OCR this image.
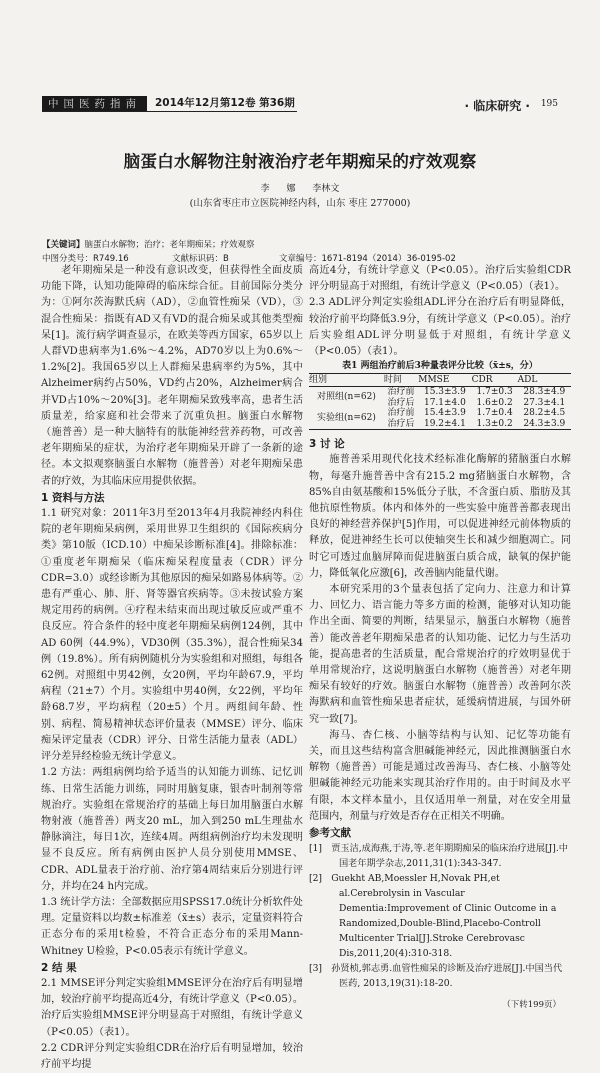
中国医药指南	2014年12月第12卷 第36期	· 临床研究 · 195
脑蛋白水解物注射液治疗老年期痴呆的疗效观察
李 娜 李林文
(山东省枣庄市立医院神经内科，山东 枣庄 277000)
【关键词】脑蛋白水解物；治疗；老年期痴呆；疗效观察
中图分类号：R749.16	文献标识码：B	文章编号：1671-8194（2014）36-0195-02

老年期痴呆是一种没有意识改变，但获得性全面皮质功能下降，认知功能障碍的临床综合征。目前国际分类分为：①阿尔茨海默氏病（AD），②血管性痴呆（VD），③混合性痴呆：指既有AD又有VD的混合痴呆或其他类型痴呆[1]。流行病学调查显示，在欧美等西方国家，65岁以上人群VD患病率为1.6%～4.2%，AD70岁以上为0.6%～1.2%[2]。我国65岁以上人群痴呆患病率约为5%，其中Alzheimer病约占50%，VD约占20%，Alzheimer病合并VD占10%～20%[3]。老年期痴呆致残率高，患者生活质量差，给家庭和社会带来了沉重负担。脑蛋白水解物（施普善）是一种大脑特有的肽能神经营养药物，可改善老年期痴呆的症状，为治疗老年期痴呆开辟了一条新的途径。本文拟观察脑蛋白水解物（施普善）对老年期痴呆患者的疗效，为其临床应用提供依据。

1 资料与方法

1.1 研究对象：2011年3月至2013年4月我院神经内科住院的老年期痴呆病例，采用世界卫生组织的《国际疾病分类》第10版（ICD.10）中痴呆诊断标准[4]。排除标准：①重度老年期痴呆（临床痴呆程度量表（CDR）评分CDR=3.0）或经诊断为其他原因的痴呆如路易体病等。②患有严重心、肺、肝、肾等器官疾病等。③未按试验方案规定用药的病例。④疗程未结束而出现过敏反应或严重不良反应。符合条件的轻中度老年期痴呆病例124例，其中AD 60例（44.9%），VD30例（35.3%），混合性痴呆34例（19.8%）。所有病例随机分为实验组和对照组，每组各62例。对照组中男42例，女20例，平均年龄67.9，平均病程（21±7）个月。实验组中男40例，女22例，平均年龄68.7岁，平均病程（20±5）个月。两组间年龄、性别、病程、简易精神状态评价量表（MMSE）评分、临床痴呆评定量表（CDR）评分、日常生活能力量表（ADL）评分差异经检验无统计学意义。

1.2 方法：两组病例均给予适当的认知能力训练、记忆训练、日常生活能力训练，同时用脑复康，银杏叶制剂等常规治疗。实验组在常规治疗的基础上每日加用脑蛋白水解物射液（施普善）两支20 mL，加入到250 mL生理盐水静脉滴注，每日1次，连续4周。两组病例治疗均未发现明显不良反应。所有病例由医护人员分别使用MMSE、CDR、ADL量表于治疗前、治疗第4周结束后分别进行评分，并均在24 h内完成。

1.3 统计学方法：全部数据应用SPSS17.0统计分析软件处理。定量资料以均数±标准差（x̄±s）表示，定量资料符合正态分布的采用t检验，不符合正态分布的采用Mann-Whitney U检验，P<0.05表示有统计学意义。

2 结 果

2.1 MMSE评分判定实验组MMSE评分在治疗后有明显增加，较治疗前平均提高近4分，有统计学意义（P<0.05）。治疗后实验组MMSE评分明显高于对照组，有统计学意义（P<0.05）（表1）。

2.2 CDR评分判定实验组CDR在治疗后有明显增加，较治疗前平均提

高近4分，有统计学意义（P<0.05）。治疗后实验组CDR评分明显高于对照组，有统计学意义（P<0.05）（表1）。

2.3 ADL评分判定实验组ADL评分在治疗后有明显降低，较治疗前平均降低3.9分，有统计学意义（P<0.05）。治疗后实验组ADL评分明显低于对照组，有统计学意义（P<0.05）（表1）。

表1 两组治疗前后3种量表评分比较（x̄±s，分）
组别	时间	MMSE	CDR	ADL
对照组(n=62)	治疗前	15.3±3.9	1.7±0.3	28.3±4.9
	治疗后	17.1±4.0	1.6±0.2	27.3±4.1
实验组(n=62)	治疗前	15.4±3.9	1.7±0.4	28.2±4.5
	治疗后	19.2±4.1	1.3±0.2	24.3±3.9
3 讨 论

施普善采用现代化技术经标准化酶解的猪脑蛋白水解物，每毫升施普善中含有215.2 mg猪脑蛋白水解物，含85%自由氨基酸和15%低分子肽，不含蛋白质、脂肪及其他抗原性物质。体内和体外的一些实验中施普善都表现出良好的神经营养保护[5]作用，可以促进神经元前体物质的释放，促进神经生长可以使轴突生长和减少细胞凋亡。同时它可透过血脑屏障而促进脑蛋白质合成，缺氧的保护能力，降低氧化应激[6]，改善脑内能量代谢。

本研究采用的3个量表包括了定向力、注意力和计算力、回忆力、语言能力等多方面的检测，能够对认知功能作出全面、简要的判断，结果显示，脑蛋白水解物（施普善）能改善老年期痴呆患者的认知功能、记忆力与生活功能，提高患者的生活质量，配合常规治疗的疗效明显优于单用常规治疗，这说明脑蛋白水解物（施普善）对老年期痴呆有较好的疗效。脑蛋白水解物（施普善）改善阿尔茨海默病和血管性痴呆患者症状，延缓病情进展，与国外研究一致[7]。

海马、杏仁核、小脑等结构与认知、记忆等功能有关，而且这些结构富含胆碱能神经元，因此推测脑蛋白水解物（施普善）可能是通过改善海马、杏仁核、小脑等处胆碱能神经元功能来实现其治疗作用的。由于时间及水平有限，本文样本量小，且仅适用单一剂量，对在安全用量范围内，剂量与疗效是否存在正相关不明确。

参考文献
[1]　贾玉洁,成海燕,于涛,等.老年期期痴呆的临床治疗进展[J].中国老年期学杂志,2011,31(1):343-347.
[2]　Guekht AB,Moessler H,Novak PH,et al.Cerebrolysin in Vascular Dementia:Improvement of Clinic Outcome in a Randomized,Double-Blind,Placebo-Controll Multicenter Trial[J].Stroke Cerebrovasc Dis,2011,20(4):310-318.
[3]　孙贤桢,郭志勇.血管性痴呆的诊断及治疗进展[J].中国当代医药, 2013,19(31):18-20.
（下转199页）
